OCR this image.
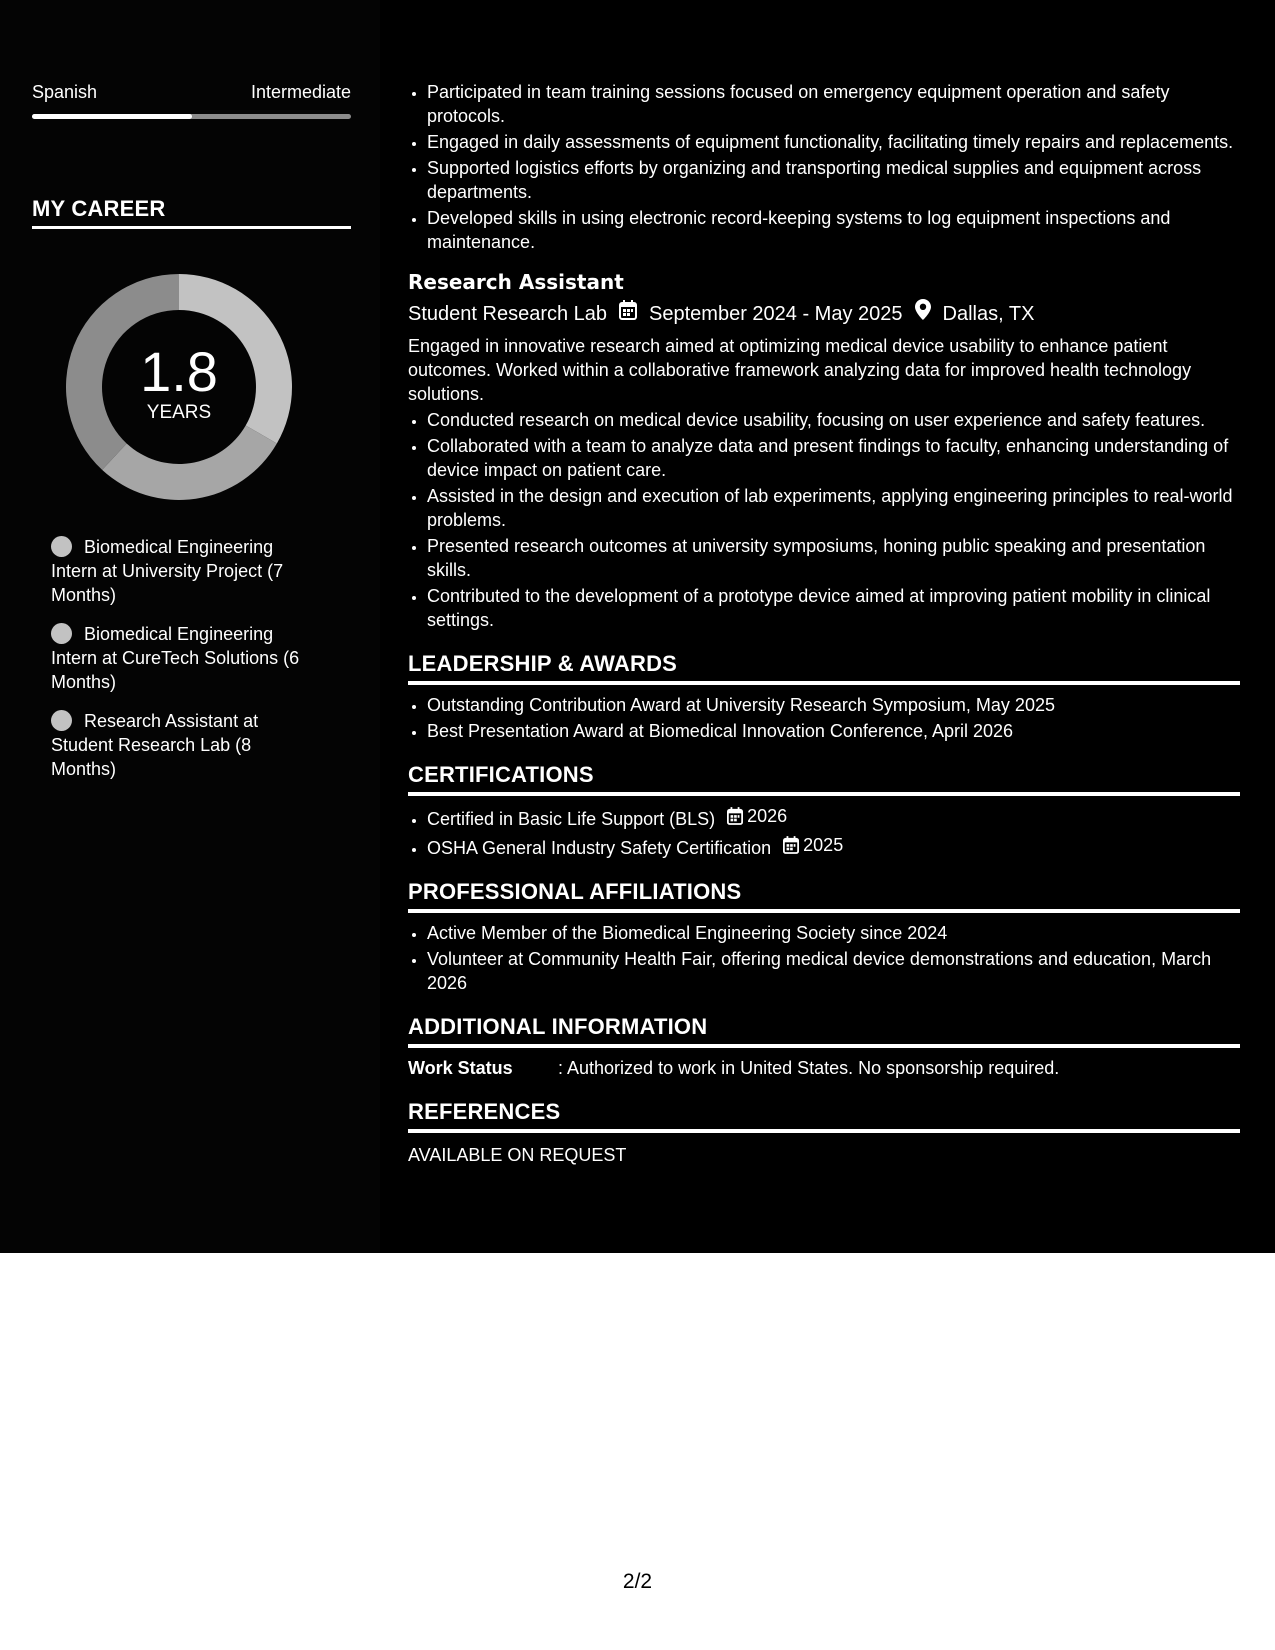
Spanish	Intermediate
MY CAREER
1.8
YEARS
Biomedical Engineering Intern at University Project (7 Months)
Biomedical Engineering Intern at CureTech Solutions (6 Months)
Research Assistant at Student Research Lab (8 Months)
• Participated in team training sessions focused on emergency equipment operation and safety protocols.
• Engaged in daily assessments of equipment functionality, facilitating timely repairs and replacements.
• Supported logistics efforts by organizing and transporting medical supplies and equipment across departments.
• Developed skills in using electronic record-keeping systems to log equipment inspections and maintenance.
Research Assistant
Student Research Lab September 2024 - May 2025 Dallas, TX
Engaged in innovative research aimed at optimizing medical device usability to enhance patient outcomes. Worked within a collaborative framework analyzing data for improved health technology solutions.
• Conducted research on medical device usability, focusing on user experience and safety features.
• Collaborated with a team to analyze data and present findings to faculty, enhancing understanding of device impact on patient care.
• Assisted in the design and execution of lab experiments, applying engineering principles to real-world problems.
• Presented research outcomes at university symposiums, honing public speaking and presentation skills.
• Contributed to the development of a prototype device aimed at improving patient mobility in clinical settings.
LEADERSHIP & AWARDS
• Outstanding Contribution Award at University Research Symposium, May 2025
• Best Presentation Award at Biomedical Innovation Conference, April 2026
CERTIFICATIONS
• Certified in Basic Life Support (BLS) 2026
• OSHA General Industry Safety Certification 2025
PROFESSIONAL AFFILIATIONS
• Active Member of the Biomedical Engineering Society since 2024
• Volunteer at Community Health Fair, offering medical device demonstrations and education, March 2026
ADDITIONAL INFORMATION
Work Status	: Authorized to work in United States. No sponsorship required.
REFERENCES
AVAILABLE ON REQUEST
2/2
